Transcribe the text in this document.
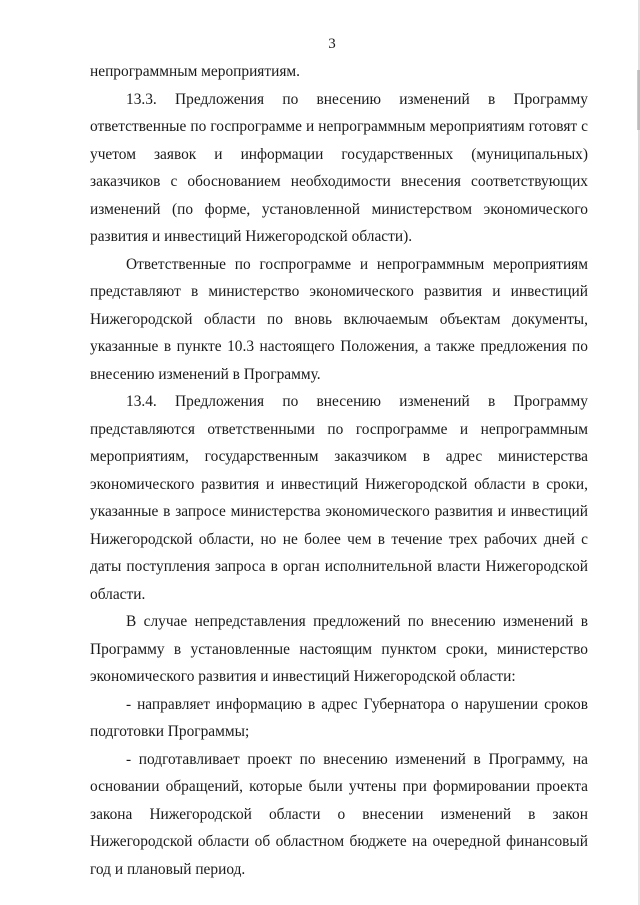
3

непрограммным мероприятиям.

13.3. Предложения по внесению изменений в Программу ответственные по госпрограмме и непрограммным мероприятиям готовят с учетом заявок и информации государственных (муниципальных) заказчиков с обоснованием необходимости внесения соответствующих изменений (по форме, установленной министерством экономического развития и инвестиций Нижегородской области).

Ответственные по госпрограмме и непрограммным мероприятиям представляют в министерство экономического развития и инвестиций Нижегородской области по вновь включаемым объектам документы, указанные в пункте 10.3 настоящего Положения, а также предложения по внесению изменений в Программу.

13.4. Предложения по внесению изменений в Программу представляются ответственными по госпрограмме и непрограммным мероприятиям, государственным заказчиком в адрес министерства экономического развития и инвестиций Нижегородской области в сроки, указанные в запросе министерства экономического развития и инвестиций Нижегородской области, но не более чем в течение трех рабочих дней с даты поступления запроса в орган исполнительной власти Нижегородской области.

В случае непредставления предложений по внесению изменений в Программу в установленные настоящим пунктом сроки, министерство экономического развития и инвестиций Нижегородской области:

- направляет информацию в адрес Губернатора о нарушении сроков подготовки Программы;

- подготавливает проект по внесению изменений в Программу, на основании обращений, которые были учтены при формировании проекта закона Нижегородской области о внесении изменений в закон Нижегородской области об областном бюджете на очередной финансовый год и плановый период.
